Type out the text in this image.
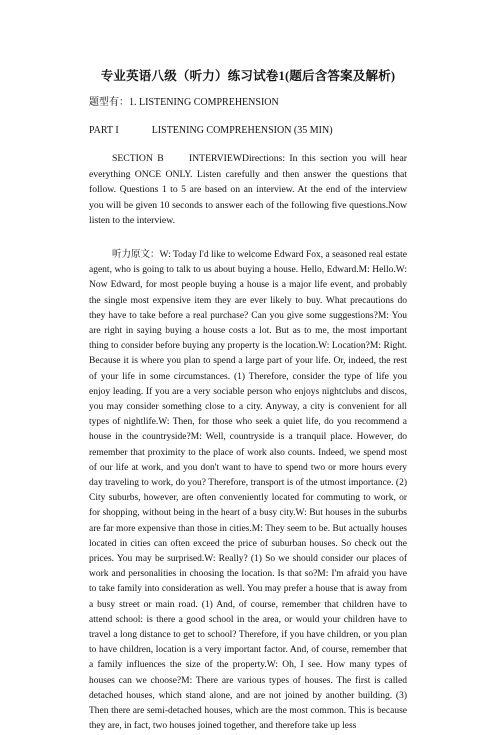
专业英语八级（听力）练习试卷1(题后含答案及解析)
题型有：1. LISTENING COMPREHENSION
PART I	LISTENING COMPREHENSION (35 MIN)
SECTION B　　INTERVIEWDirections: In this section you will hear everything ONCE ONLY. Listen carefully and then answer the questions that follow. Questions 1 to 5 are based on an interview. At the end of the interview you will be given 10 seconds to answer each of the following five questions.Now listen to the interview.
听力原文：W: Today I'd like to welcome Edward Fox, a seasoned real estate agent, who is going to talk to us about buying a house. Hello, Edward.M: Hello.W: Now Edward, for most people buying a house is a major life event, and probably the single most expensive item they are ever likely to buy. What precautions do they have to take before a real purchase? Can you give some suggestions?M: You are right in saying buying a house costs a lot. But as to me, the most important thing to consider before buying any property is the location.W: Location?M: Right. Because it is where you plan to spend a large part of your life. Or, indeed, the rest of your life in some circumstances. (1) Therefore, consider the type of life you enjoy leading. If you are a very sociable person who enjoys nightclubs and discos, you may consider something close to a city. Anyway, a city is convenient for all types of nightlife.W: Then, for those who seek a quiet life, do you recommend a house in the countryside?M: Well, countryside is a tranquil place. However, do remember that proximity to the place of work also counts. Indeed, we spend most of our life at work, and you don't want to have to spend two or more hours every day traveling to work, do you? Therefore, transport is of the utmost importance. (2) City suburbs, however, are often conveniently located for commuting to work, or for shopping, without being in the heart of a busy city.W: But houses in the suburbs are far more expensive than those in cities.M: They seem to be. But actually houses located in cities can often exceed the price of suburban houses. So check out the prices. You may be surprised.W: Really? (1) So we should consider our places of work and personalities in choosing the location. Is that so?M: I'm afraid you have to take family into consideration as well. You may prefer a house that is away from a busy street or main road. (1) And, of course, remember that children have to attend school: is there a good school in the area, or would your children have to travel a long distance to get to school? Therefore, if you have children, or you plan to have children, location is a very important factor. And, of course, remember that a family influences the size of the property.W: Oh, I see. How many types of houses can we choose?M: There are various types of houses. The first is called detached houses, which stand alone, and are not joined by another building. (3) Then there are semi-detached houses, which are the most common. This is because they are, in fact, two houses joined together, and therefore take up less
